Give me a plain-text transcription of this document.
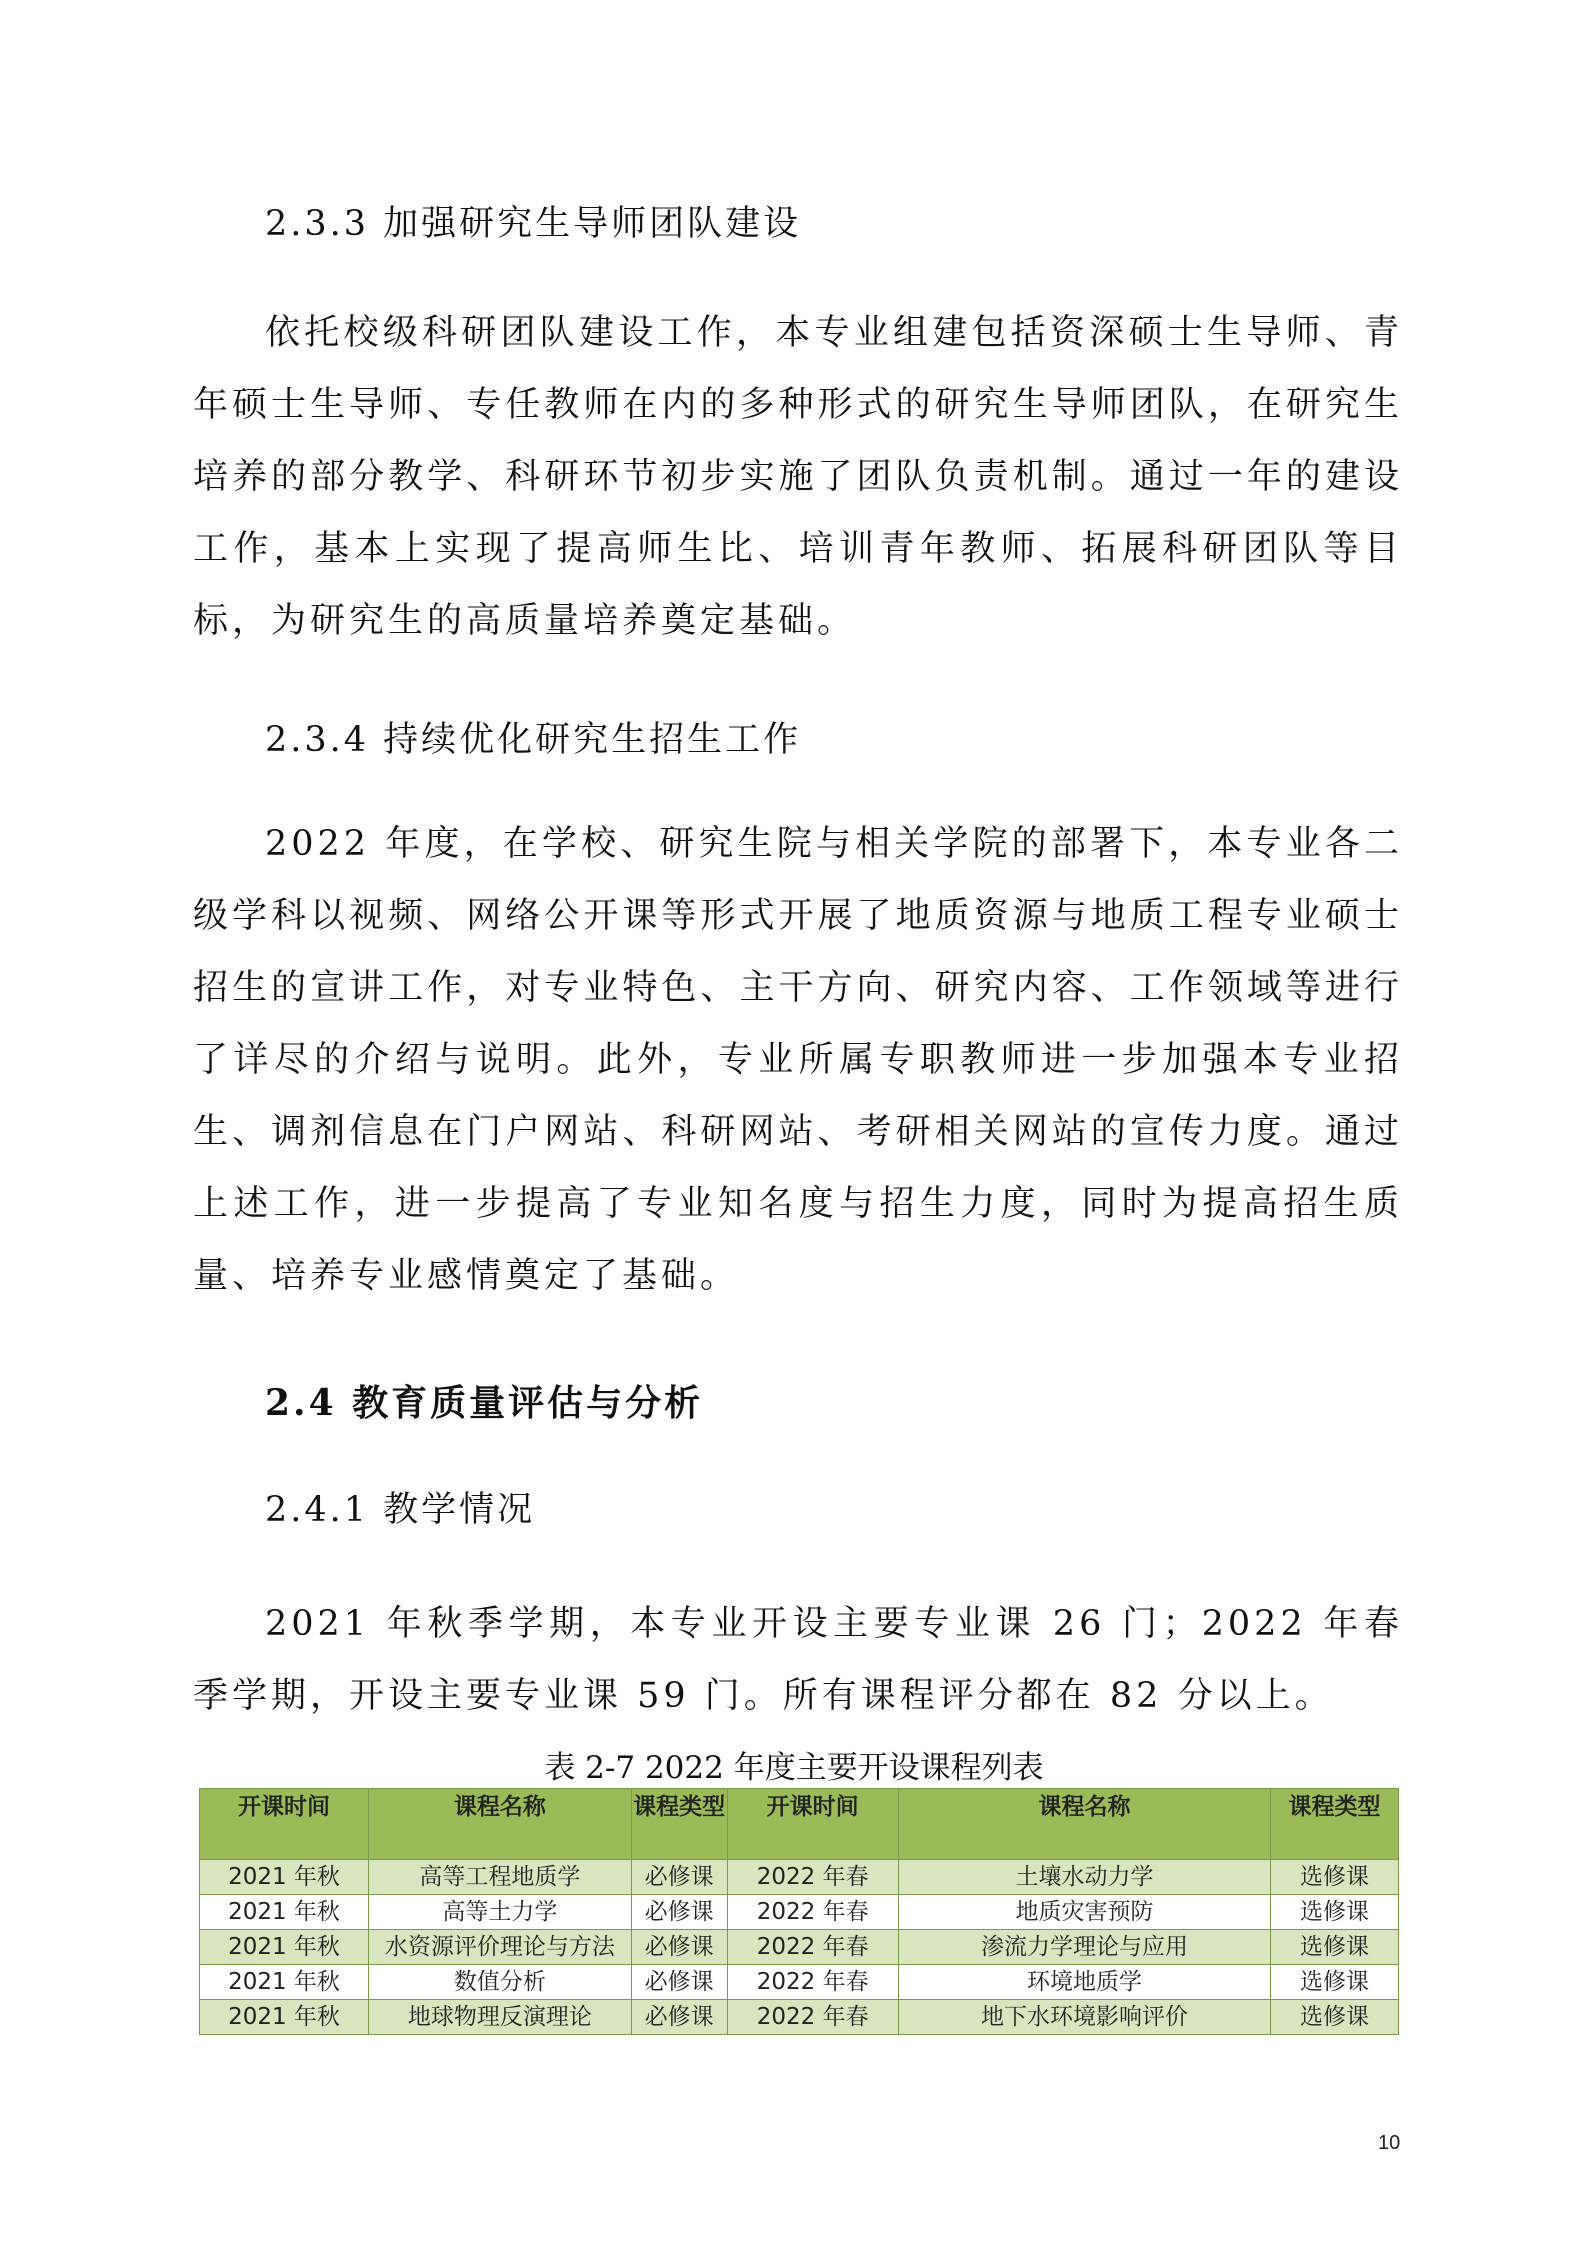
2.3.3 加强研究生导师团队建设

依托校级科研团队建设工作，本专业组建包括资深硕士生导师、青年硕士生导师、专任教师在内的多种形式的研究生导师团队，在研究生培养的部分教学、科研环节初步实施了团队负责机制。通过一年的建设工作，基本上实现了提高师生比、培训青年教师、拓展科研团队等目标，为研究生的高质量培养奠定基础。

2.3.4 持续优化研究生招生工作

2022 年度，在学校、研究生院与相关学院的部署下，本专业各二级学科以视频、网络公开课等形式开展了地质资源与地质工程专业硕士招生的宣讲工作，对专业特色、主干方向、研究内容、工作领域等进行了详尽的介绍与说明。此外，专业所属专职教师进一步加强本专业招生、调剂信息在门户网站、科研网站、考研相关网站的宣传力度。通过上述工作，进一步提高了专业知名度与招生力度，同时为提高招生质量、培养专业感情奠定了基础。

2.4 教育质量评估与分析
2.4.1 教学情况

2021 年秋季学期，本专业开设主要专业课 26 门；2022 年春季学期，开设主要专业课 59 门。所有课程评分都在 82 分以上。

表 2-7 2022 年度主要开设课程列表
开课时间	课程名称	课程类型	开课时间	课程名称	课程类型
2021 年秋	高等工程地质学	必修课	2022 年春	土壤水动力学	选修课
2021 年秋	高等土力学	必修课	2022 年春	地质灾害预防	选修课
2021 年秋	水资源评价理论与方法	必修课	2022 年春	渗流力学理论与应用	选修课
2021 年秋	数值分析	必修课	2022 年春	环境地质学	选修课
2021 年秋	地球物理反演理论	必修课	2022 年春	地下水环境影响评价	选修课
10
